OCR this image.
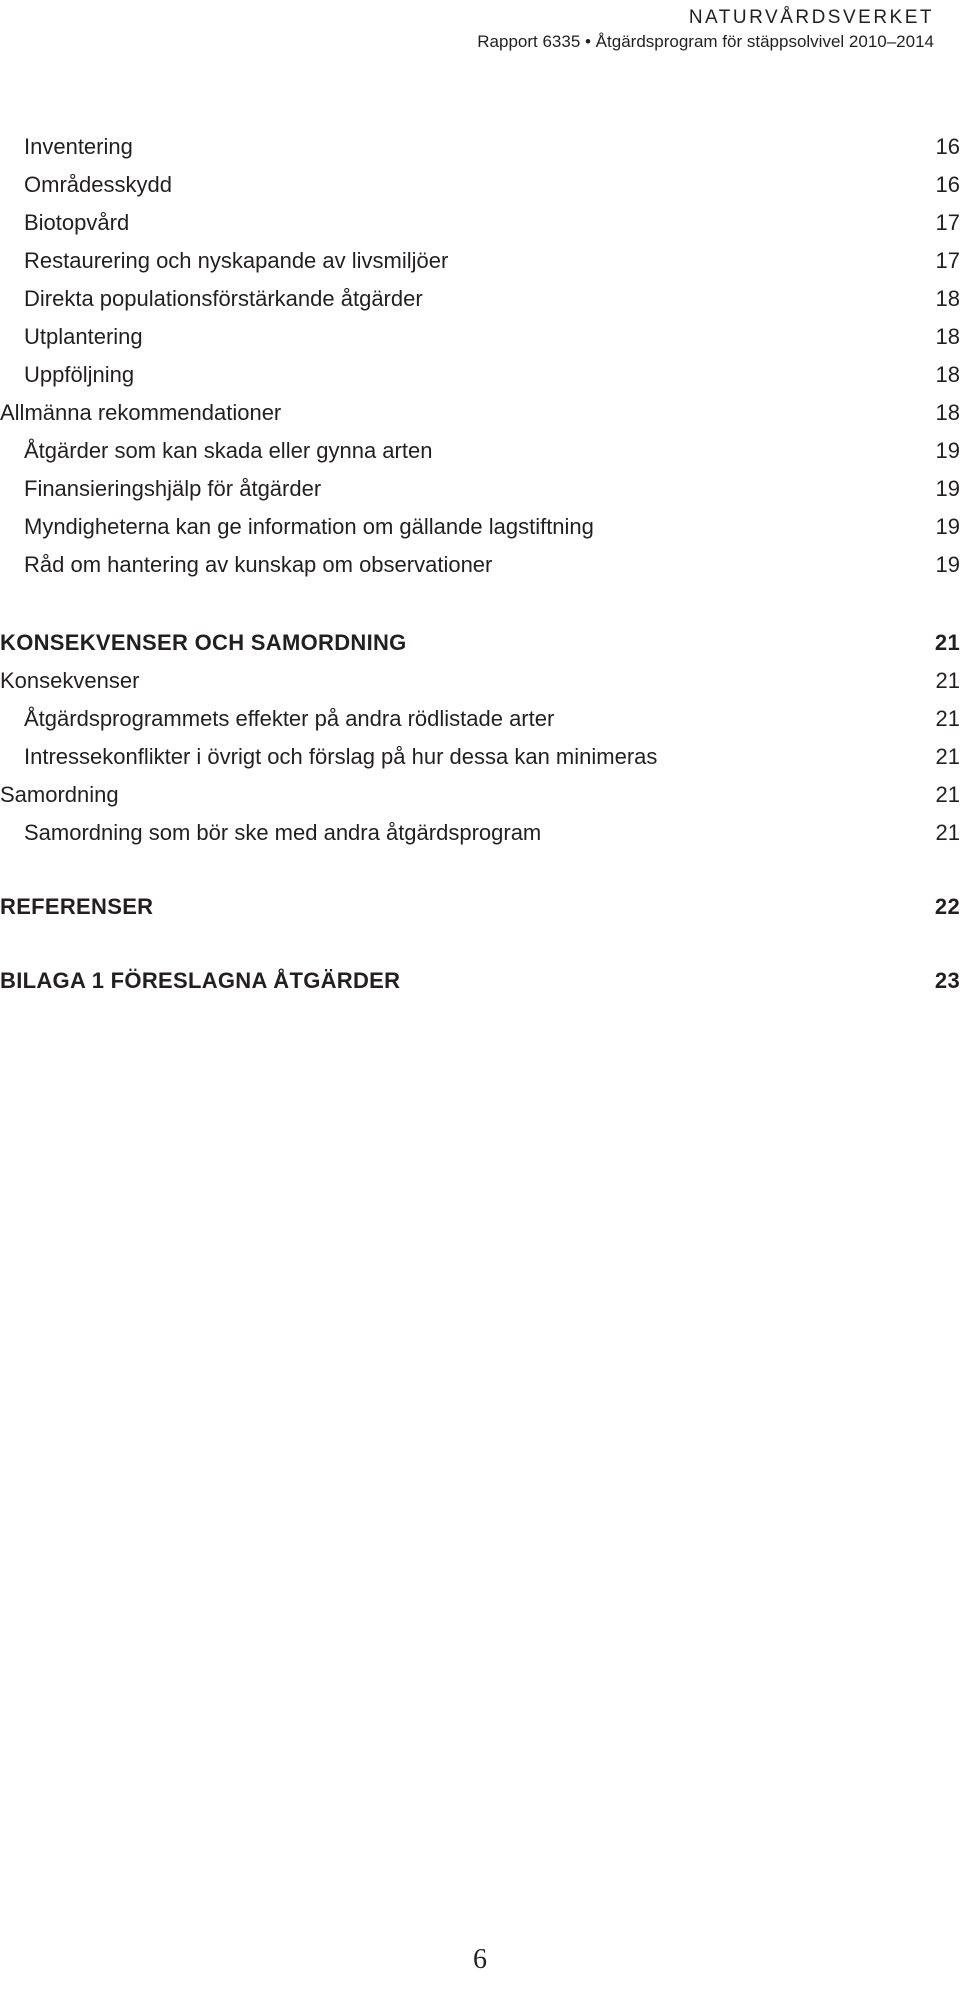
NATURVÅRDSVERKET
Rapport 6335 • Åtgärdsprogram för stäppsolvivel 2010–2014
Inventering	16
Områdesskydd	16
Biotopvård	17
Restaurering och nyskapande av livsmiljöer	17
Direkta populationsförstärkande åtgärder	18
Utplantering	18
Uppföljning	18
Allmänna rekommendationer	18
Åtgärder som kan skada eller gynna arten	19
Finansieringshjälp för åtgärder	19
Myndigheterna kan ge information om gällande lagstiftning	19
Råd om hantering av kunskap om observationer	19
KONSEKVENSER OCH SAMORDNING	21
Konsekvenser	21
Åtgärdsprogrammets effekter på andra rödlistade arter	21
Intressekonflikter i övrigt och förslag på hur dessa kan minimeras	21
Samordning	21
Samordning som bör ske med andra åtgärdsprogram	21
REFERENSER	22
BILAGA 1 FÖRESLAGNA ÅTGÄRDER	23
6
